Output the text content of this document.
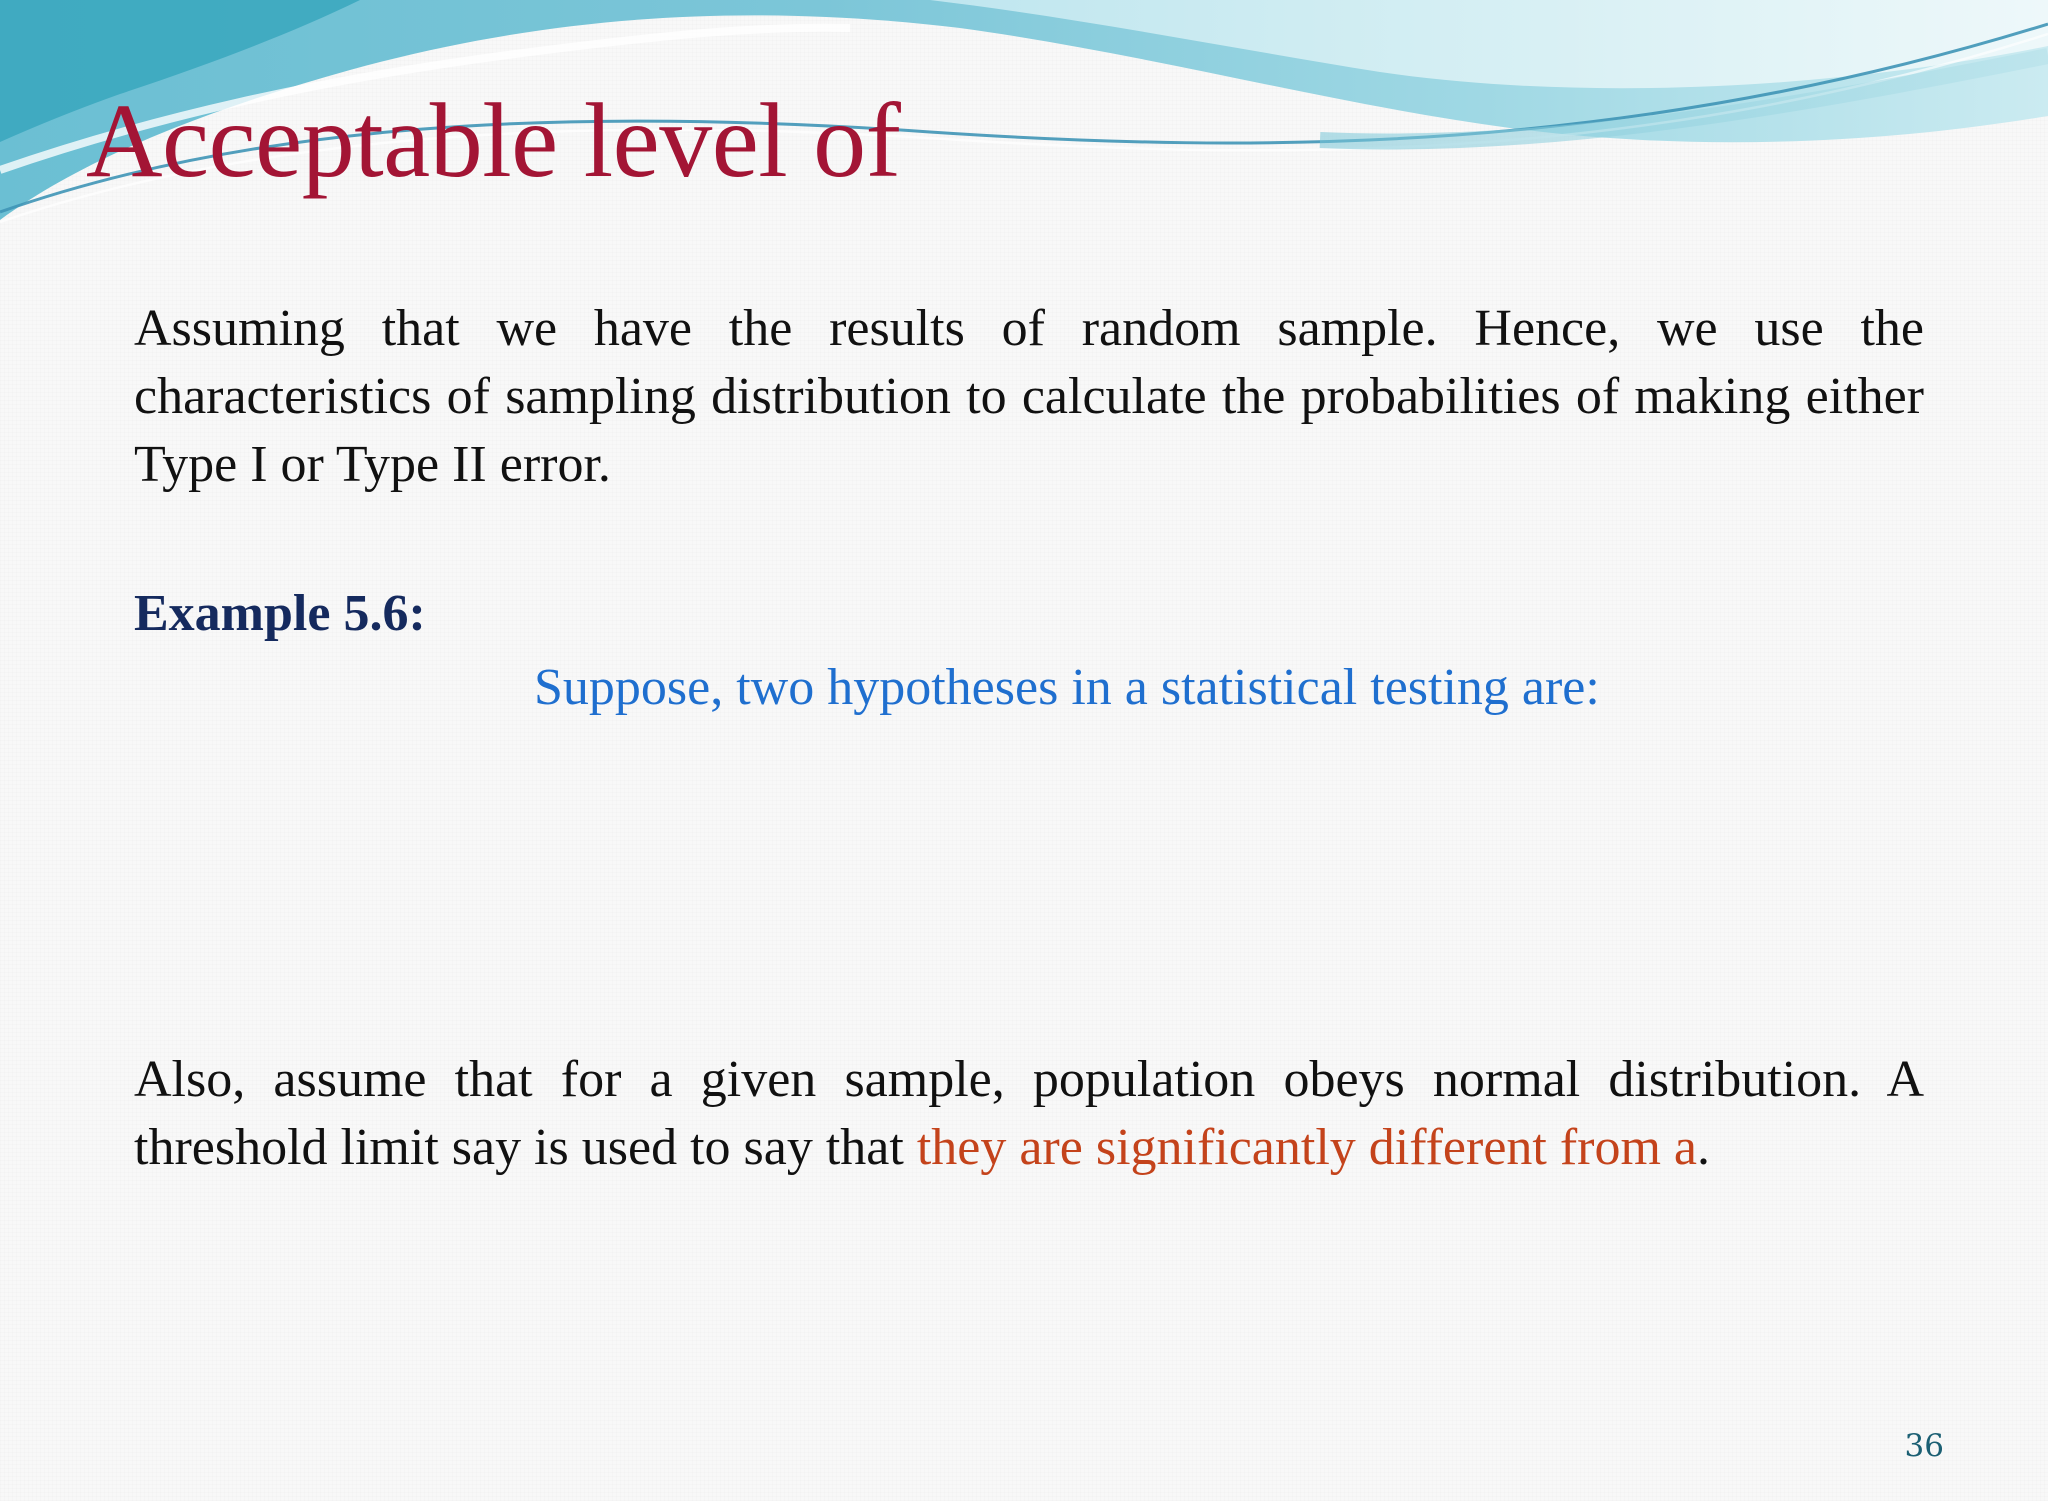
Acceptable level of

Assuming that we have the results of random sample. Hence, we use the characteristics of sampling distribution to calculate the probabilities of making either Type I or Type II error.

Example 5.6:

Suppose, two hypotheses in a statistical testing are:

Also, assume that for a given sample, population obeys normal distribution. A threshold limit say is used to say that they are significantly different from a.

36
